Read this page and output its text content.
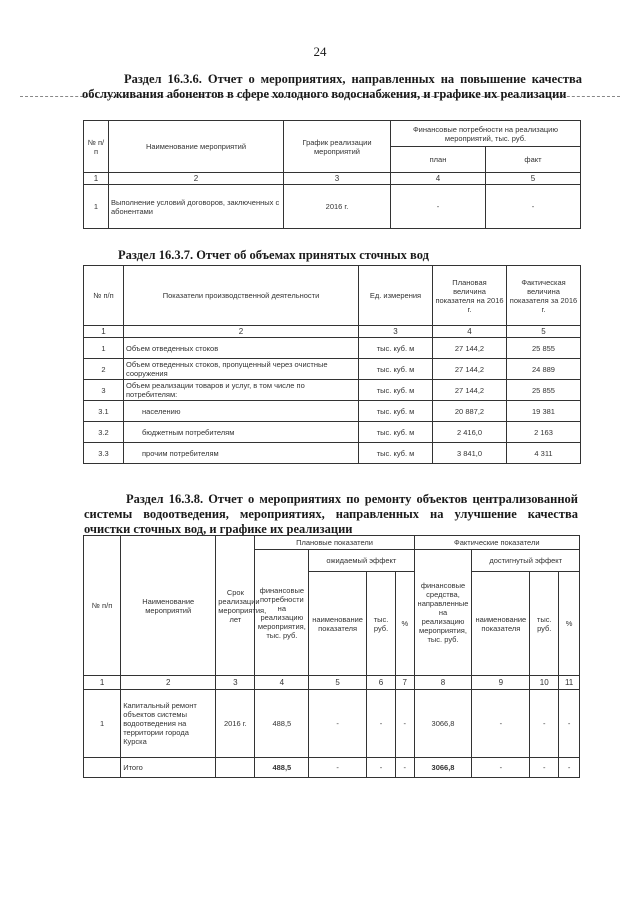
24
Раздел 16.3.6. Отчет о мероприятиях, направленных на повышение качества обслуживания абонентов в сфере холодного водоснабжения, и графике их реализации
№ п/п	Наименование мероприятий	График реализации мероприятий	Финансовые потребности на реализацию мероприятий, тыс. руб.	
			план	факт
1	2	3	4	5
1	Выполнение условий договоров, заключенных с абонентами	2016 г.	-	-
Раздел 16.3.7. Отчет об объемах принятых сточных вод
№ п/п	Показатели производственной деятельности	Ед. измерения	Плановая величина показателя на 2016 г.	Фактическая величина показателя за 2016 г.
1	2	3	4	5
1	Объем отведенных стоков	тыс. куб. м	27 144,2	25 855
2	Объем отведенных стоков, пропущенный через очистные сооружения	тыс. куб. м	27 144,2	24 889
3	Объем реализации товаров и услуг, в том числе по потребителям:	тыс. куб. м	27 144,2	25 855
3.1	населению	тыс. куб. м	20 887,2	19 381
3.2	бюджетным потребителям	тыс. куб. м	2 416,0	2 163
3.3	прочим потребителям	тыс. куб. м	3 841,0	4 311
Раздел 16.3.8. Отчет о мероприятиях по ремонту объектов централизованной системы водоотведения, мероприятиях, направленных на улучшение качества очистки сточных вод, и графике их реализации
№ п/п	Наименование мероприятий	Срок реализации мероприятия, лет	Плановые показатели				Фактические показатели			
			финансовые потребности на реализацию мероприятия, тыс. руб.	ожидаемый эффект			финансовые средства, направленные на реализацию мероприятия, тыс. руб.	достигнутый эффект		
				наименование показателя	тыс. руб.	%		наименование показателя	тыс. руб.	%
1	2	3	4	5	6	7	8	9	10	11
1	Капитальный ремонт объектов системы водоотведения на территории города Курска	2016 г.	488,5	-	-	-	3066,8	-	-	-
	Итого		488,5	-	-	-	3066,8	-	-	-
